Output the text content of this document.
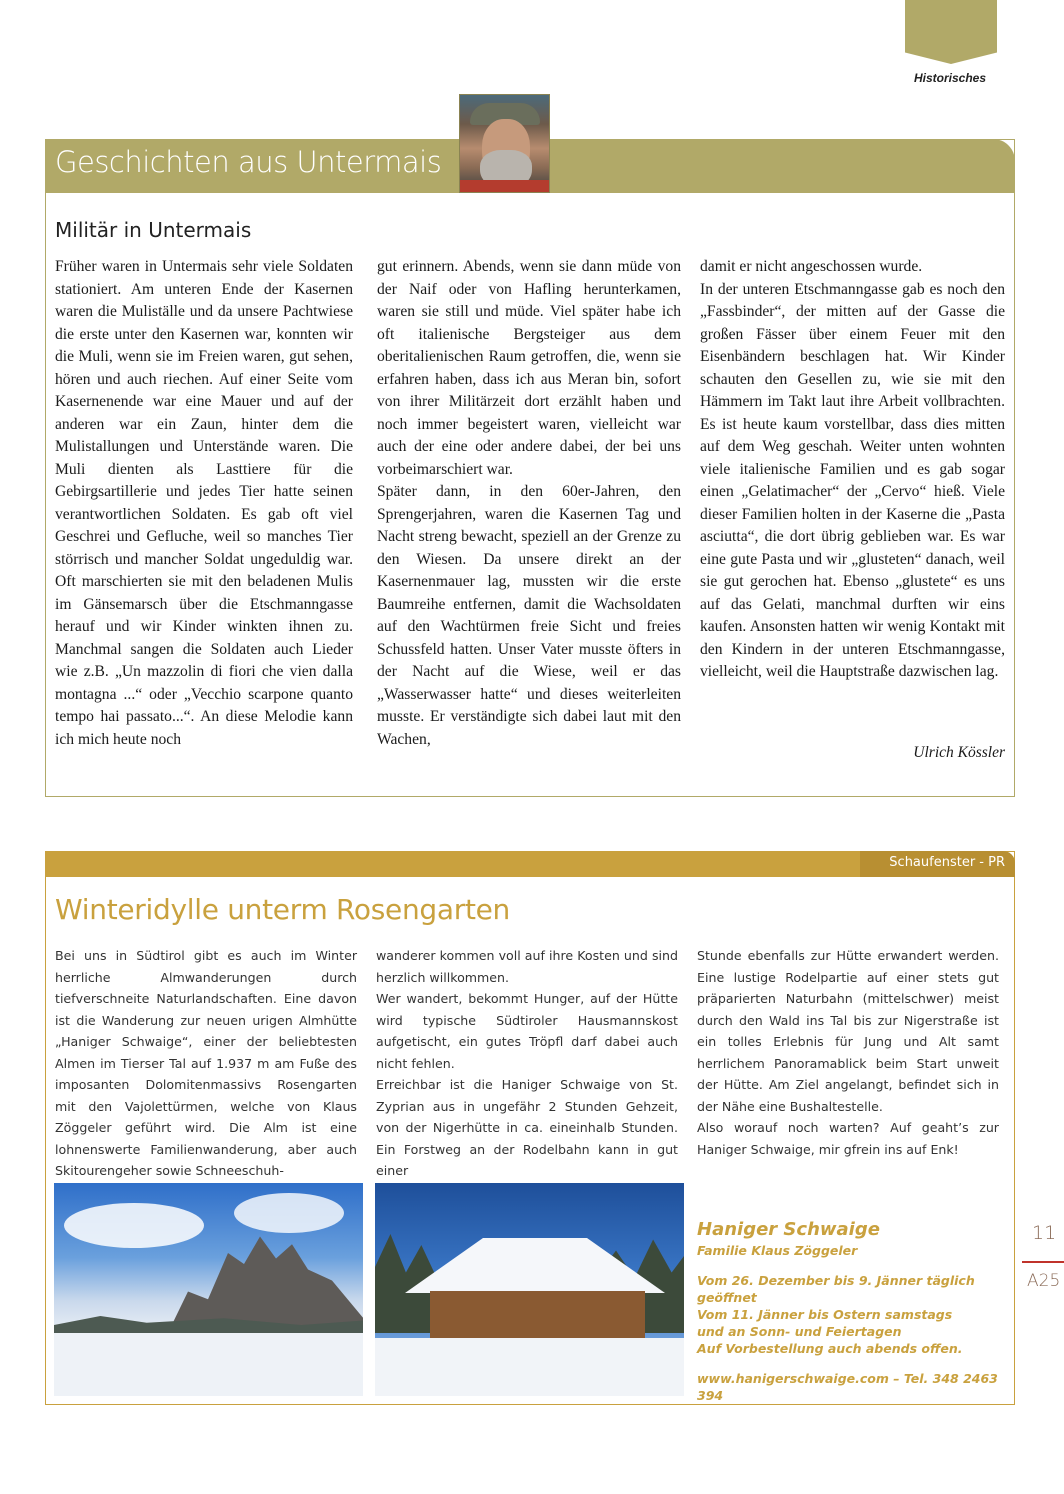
Historisches
Geschichten aus Untermais
Militär in Untermais

Früher waren in Untermais sehr viele Soldaten stationiert. Am unteren Ende der Kasernen waren die Muliställe und da unsere Pachtwiese die erste unter den Kasernen war, konnten wir die Muli, wenn sie im Freien waren, gut sehen, hören und auch riechen. Auf einer Seite vom Kasernenende war eine Mauer und auf der anderen war ein Zaun, hinter dem die Mulistallungen und Unterstände waren. Die Muli dienten als Lasttiere für die Gebirgsartillerie und jedes Tier hatte seinen verantwortlichen Soldaten. Es gab oft viel Geschrei und Gefluche, weil so manches Tier störrisch und mancher Soldat ungeduldig war. Oft marschierten sie mit den beladenen Mulis im Gänsemarsch über die Etschmanngasse herauf und wir Kinder winkten ihnen zu. Manchmal sangen die Soldaten auch Lieder wie z.B. „Un mazzolin di fiori che vien dalla montagna ...“ oder „Vecchio scarpone quanto tempo hai passato...“. An diese Melodie kann ich mich heute noch

gut erinnern. Abends, wenn sie dann müde von der Naif oder von Hafling herunterkamen, waren sie still und müde. Viel später habe ich oft italienische Bergsteiger aus dem oberitalienischen Raum getroffen, die, wenn sie erfahren haben, dass ich aus Meran bin, sofort von ihrer Militärzeit dort erzählt haben und noch immer begeistert waren, vielleicht war auch der eine oder andere dabei, der bei uns vorbeimarschiert war.

Später dann, in den 60er-Jahren, den Sprengerjahren, waren die Kasernen Tag und Nacht streng bewacht, speziell an der Grenze zu den Wiesen. Da unsere direkt an der Kasernenmauer lag, mussten wir die erste Baumreihe entfernen, damit die Wachsoldaten auf den Wachtürmen freie Sicht und freies Schussfeld hatten. Unser Vater musste öfters in der Nacht auf die Wiese, weil er das „Wasserwasser hatte“ und dieses weiterleiten musste. Er verständigte sich dabei laut mit den Wachen,

damit er nicht angeschossen wurde.

In der unteren Etschmanngasse gab es noch den „Fassbinder“, der mitten auf der Gasse die großen Fässer über einem Feuer mit den Eisenbändern beschlagen hat. Wir Kinder schauten den Gesellen zu, wie sie mit den Hämmern im Takt laut ihre Arbeit vollbrachten. Es ist heute kaum vorstellbar, dass dies mitten auf dem Weg geschah. Weiter unten wohnten viele italienische Familien und es gab sogar einen „Gelatimacher“ der „Cervo“ hieß. Viele dieser Familien holten in der Kaserne die „Pasta asciutta“, die dort übrig geblieben war. Es war eine gute Pasta und wir „glusteten“ danach, weil sie gut gerochen hat. Ebenso „glustete“ es uns auf das Gelati, manchmal durften wir eins kaufen. Ansonsten hatten wir wenig Kontakt mit den Kindern in der unteren Etschmanngasse, vielleicht, weil die Hauptstraße dazwischen lag.

Ulrich Kössler
Schaufenster - PR
Winteridylle unterm Rosengarten

Bei uns in Südtirol gibt es auch im Winter herrliche Almwanderungen durch tiefverschneite Naturlandschaften. Eine davon ist die Wanderung zur neuen urigen Almhütte „Haniger Schwaige“, einer der beliebtesten Almen im Tierser Tal auf 1.937 m am Fuße des imposanten Dolomitenmassivs Rosengarten mit den Vajolettürmen, welche von Klaus Zöggeler geführt wird. Die Alm ist eine lohnenswerte Familienwanderung, aber auch Skitourengeher sowie Schneeschuh-

wanderer kommen voll auf ihre Kosten und sind herzlich willkommen.

Wer wandert, bekommt Hunger, auf der Hütte wird typische Südtiroler Hausmannskost aufgetischt, ein gutes Tröpfl darf dabei auch nicht fehlen.

Erreichbar ist die Haniger Schwaige von St. Zyprian aus in ungefähr 2 Stunden Gehzeit, von der Nigerhütte in ca. eineinhalb Stunden. Ein Forstweg an der Rodelbahn kann in gut einer

Stunde ebenfalls zur Hütte erwandert werden. Eine lustige Rodelpartie auf einer stets gut präparierten Naturbahn (mittelschwer) meist durch den Wald ins Tal bis zur Nigerstraße ist ein tolles Erlebnis für Jung und Alt samt herrlichem Panoramablick beim Start unweit der Hütte. Am Ziel angelangt, befindet sich in der Nähe eine Bushaltestelle.

Also worauf noch warten? Auf geaht’s zur Haniger Schwaige, mir gfrein ins auf Enk!

Haniger Schwaige
Familie Klaus Zöggeler
Vom 26. Dezember bis 9. Jänner täglich
geöffnet
Vom 11. Jänner bis Ostern samstags
und an Sonn- und Feiertagen
Auf Vorbestellung auch abends offen.
www.hanigerschwaige.com – Tel. 348 2463 394
11
A25
